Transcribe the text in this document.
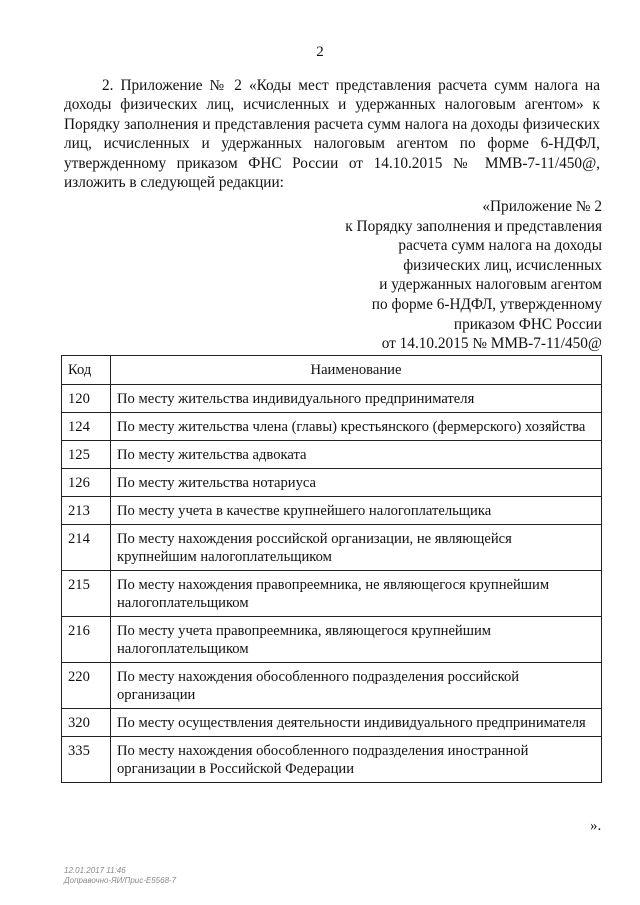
2

2. Приложение № 2 «Коды мест представления расчета сумм налога на доходы физических лиц, исчисленных и удержанных налоговым агентом» к Порядку заполнения и представления расчета сумм налога на доходы физических лиц, исчисленных и удержанных налоговым агентом по форме 6-НДФЛ, утвержденному приказом ФНС России от 14.10.2015 № ММВ-7-11/450@, изложить в следующей редакции:

«Приложение № 2
к Порядку заполнения и представления
расчета сумм налога на доходы
физических лиц, исчисленных
и удержанных налоговым агентом
по форме 6-НДФЛ, утвержденному
приказом ФНС России
от 14.10.2015 № ММВ-7-11/450@
Код	Наименование
120	По месту жительства индивидуального предпринимателя
124	По месту жительства члена (главы) крестьянского (фермерского) хозяйства
125	По месту жительства адвоката
126	По месту жительства нотариуса
213	По месту учета в качестве крупнейшего налогоплательщика
214	По месту нахождения российской организации, не являющейся крупнейшим налогоплательщиком
215	По месту нахождения правопреемника, не являющегося крупнейшим налогоплательщиком
216	По месту учета правопреемника, являющегося крупнейшим налогоплательщиком
220	По месту нахождения обособленного подразделения российской организации
320	По месту осуществления деятельности индивидуального предпринимателя
335	По месту нахождения обособленного подразделения иностранной организации в Российской Федерации
».
12.01.2017 11:46
Доправочно-ЯИ/Прис-Е5568-7
